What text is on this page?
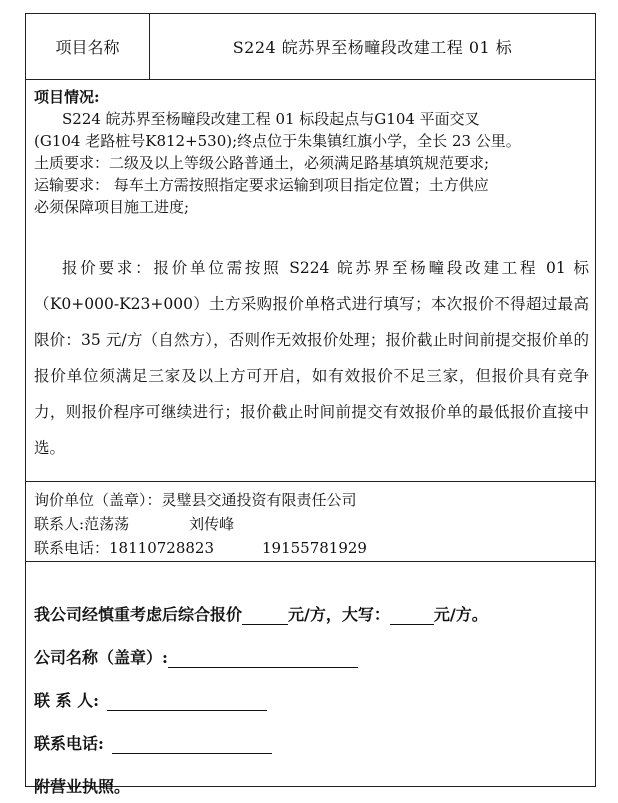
项目名称	S224 皖苏界至杨疃段改建工程 01 标

项目情况:

S224 皖苏界至杨疃段改建工程 01 标段起点与G104 平面交叉

(G104 老路桩号K812+530);终点位于朱集镇红旗小学，全长 23 公里。

土质要求：二级及以上等级公路普通土，必须满足路基填筑规范要求;

运输要求： 每车土方需按照指定要求运输到项目指定位置；土方供应

必须保障项目施工进度;

报价要求：报价单位需按照 S224 皖苏界至杨疃段改建工程 01 标（K0+000-K23+000）土方采购报价单格式进行填写；本次报价不得超过最高限价：35 元/方（自然方），否则作无效报价处理；报价截止时间前提交报价单的报价单位须满足三家及以上方可开启，如有效报价不足三家，但报价具有竞争力，则报价程序可继续进行；报价截止时间前提交有效报价单的最低报价直接中选。
询价单位（盖章）：灵璧县交通投资有限责任公司
联系人: 范荡荡	刘传峰
联系电话： 18110728823	19155781929
我公司经慎重考虑后综合报价	元/方，大写：	元/方。
公司名称（盖章）:
联 系 人:
联系电话:
附营业执照。
